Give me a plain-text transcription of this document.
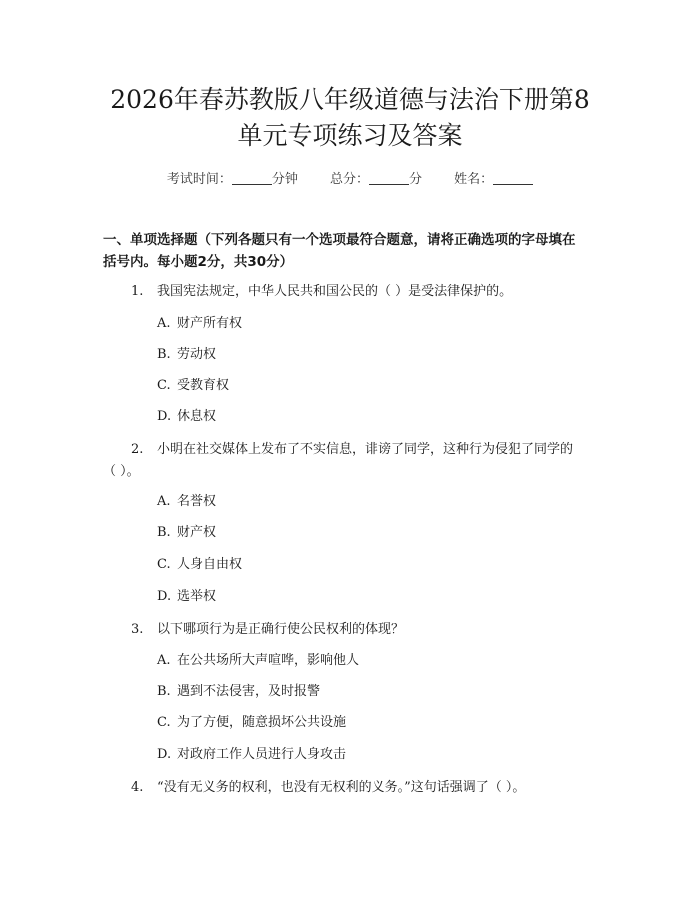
2026年春苏教版八年级道德与法治下册第8
单元专项练习及答案
考试时间：	分钟 总分：	分 姓名：
一、单项选择题（下列各题只有一个选项最符合题意，请将正确选项的字母填在
括号内。每小题2分，共30分）
1. 我国宪法规定，中华人民共和国公民的（ ）是受法律保护的。
A. 财产所有权
B. 劳动权
C. 受教育权
D. 休息权
2. 小明在社交媒体上发布了不实信息，诽谤了同学，这种行为侵犯了同学的
（ ）。
A. 名誉权
B. 财产权
C. 人身自由权
D. 选举权
3. 以下哪项行为是正确行使公民权利的体现？
A. 在公共场所大声喧哗，影响他人
B. 遇到不法侵害，及时报警
C. 为了方便，随意损坏公共设施
D. 对政府工作人员进行人身攻击
4. “没有无义务的权利，也没有无权利的义务。”这句话强调了（ ）。
